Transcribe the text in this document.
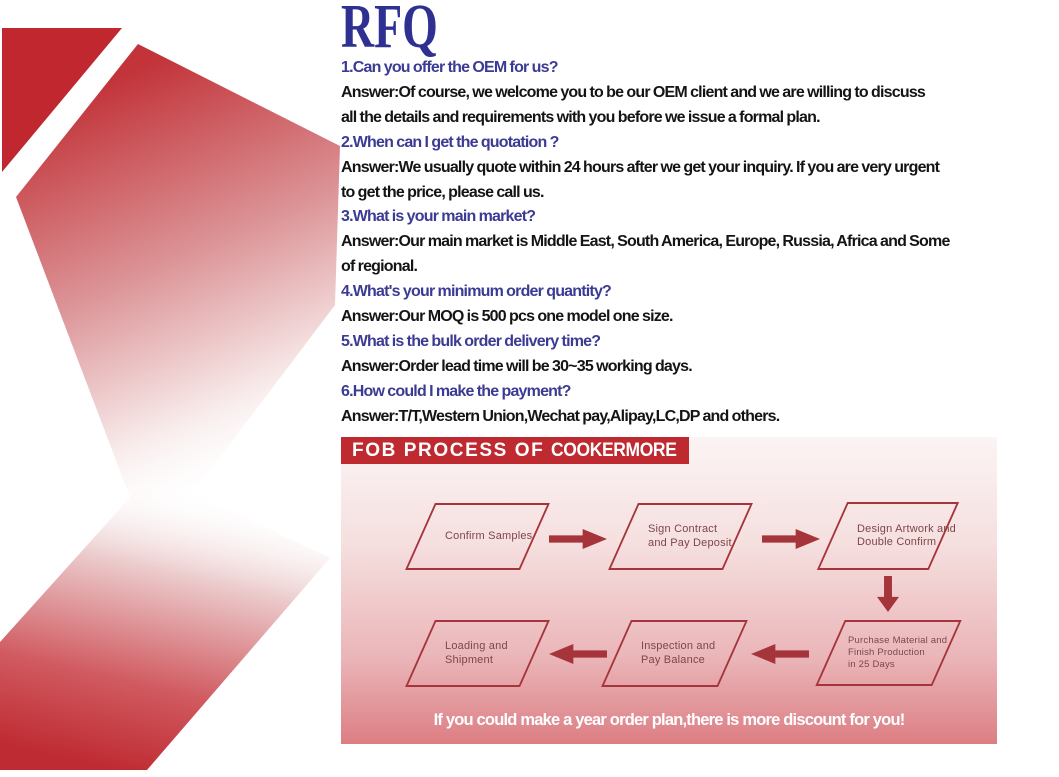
RFQ
1.Can you offer the OEM for us?
Answer:Of course, we welcome you to be our OEM client and we are willing to discuss
all the details and requirements with you before we issue a formal plan.
2.When can I get the quotation ?
Answer:We usually quote within 24 hours after we get your inquiry. If you are very urgent
to get the price, please call us.
3.What is your main market?
Answer:Our main market is Middle East, South America, Europe, Russia, Africa and Some
of regional.
4.What's your minimum order quantity?
Answer:Our MOQ is 500 pcs one model one size.
5.What is the bulk order delivery time?
Answer:Order lead time will be 30~35 working days.
6.How could I make the payment?
Answer:T/T,Western Union,Wechat pay,Alipay,LC,DP and others.
FOB PROCESS OF COOKERMORE
Confirm Samples
Sign Contract
and Pay Deposit
Design Artwork and
Double Confirm
Purchase Material and
Finish Production
in 25 Days
Inspection and
Pay Balance
Loading and
Shipment
If you could make a year order plan,there is more discount for you!
